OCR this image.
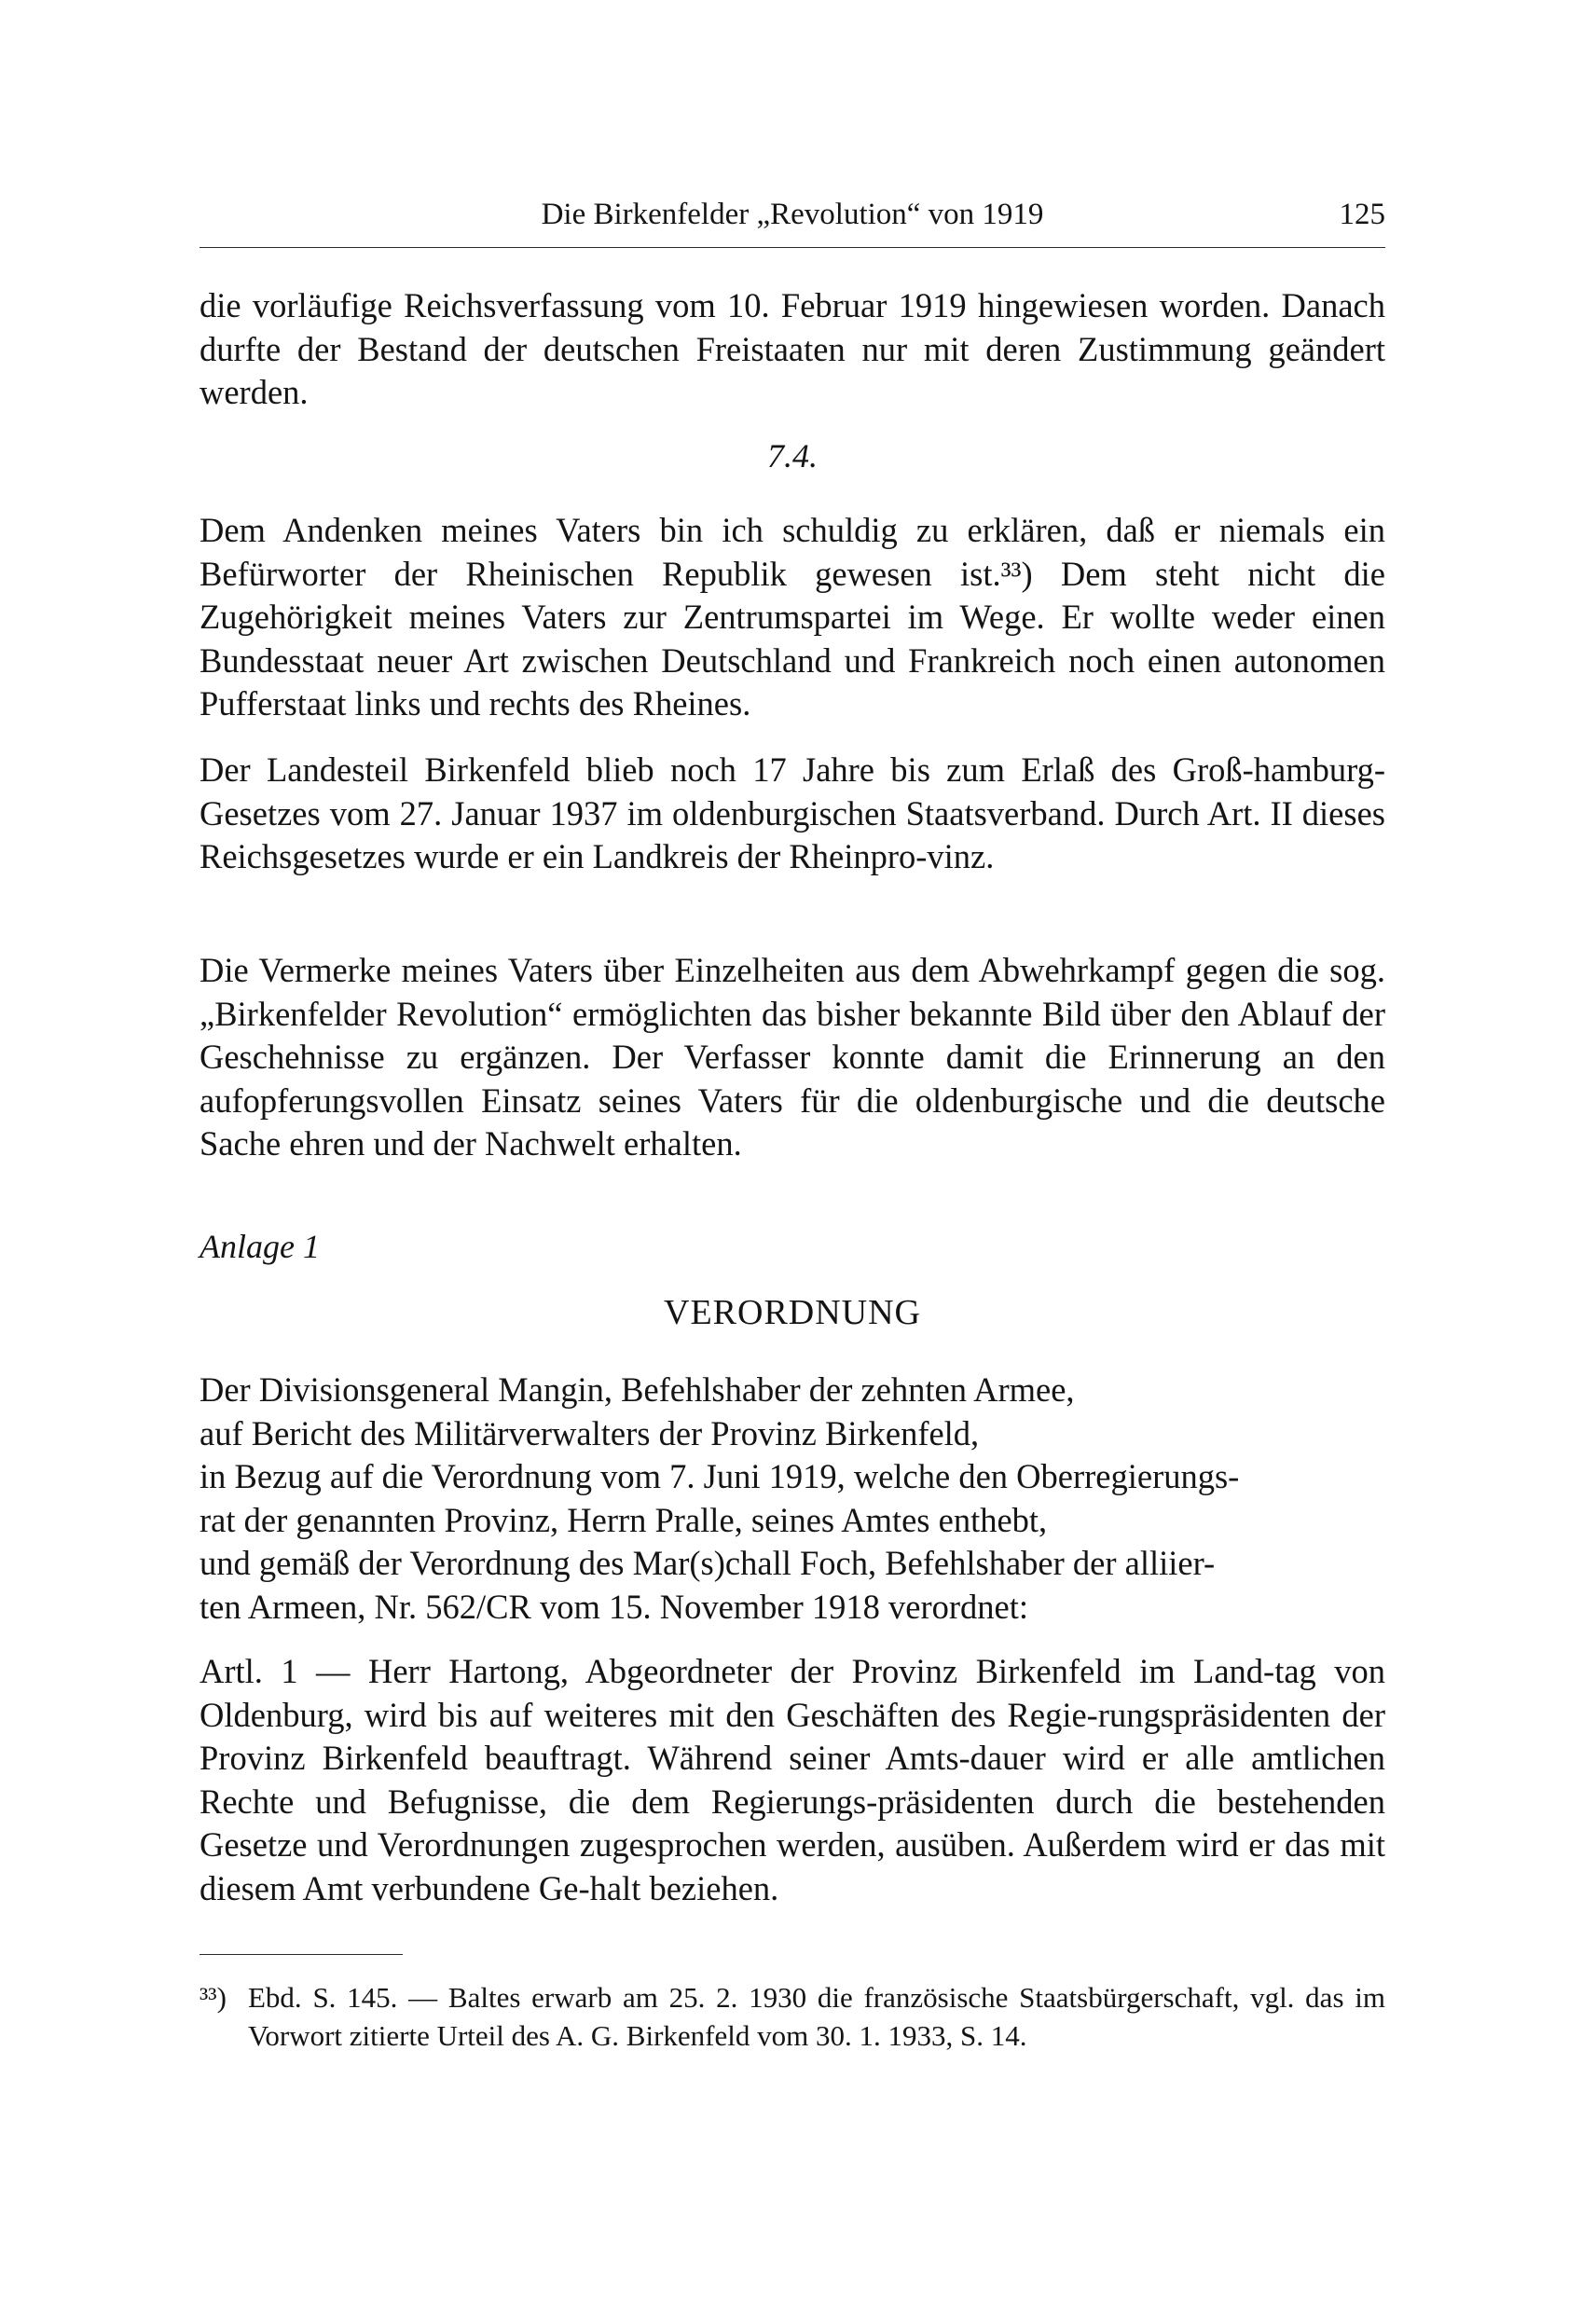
Die Birkenfelder „Revolution“ von 1919	125
die vorläufige Reichsverfassung vom 10. Februar 1919 hingewiesen worden. Danach durfte der Bestand der deutschen Freistaaten nur mit deren Zustimmung geändert werden.
7.4.
Dem Andenken meines Vaters bin ich schuldig zu erklären, daß er niemals ein Befürworter der Rheinischen Republik gewesen ist.³³) Dem steht nicht die Zugehörigkeit meines Vaters zur Zentrumspartei im Wege. Er wollte weder einen Bundesstaat neuer Art zwischen Deutschland und Frankreich noch einen autonomen Pufferstaat links und rechts des Rheines.
Der Landesteil Birkenfeld blieb noch 17 Jahre bis zum Erlaß des Groß-hamburg-Gesetzes vom 27. Januar 1937 im oldenburgischen Staatsverband. Durch Art. II dieses Reichsgesetzes wurde er ein Landkreis der Rheinpro-vinz.
Die Vermerke meines Vaters über Einzelheiten aus dem Abwehrkampf gegen die sog. „Birkenfelder Revolution“ ermöglichten das bisher bekannte Bild über den Ablauf der Geschehnisse zu ergänzen. Der Verfasser konnte damit die Erinnerung an den aufopferungsvollen Einsatz seines Vaters für die oldenburgische und die deutsche Sache ehren und der Nachwelt erhalten.
Anlage 1
VERORDNUNG
Der Divisionsgeneral Mangin, Befehlshaber der zehnten Armee,
auf Bericht des Militärverwalters der Provinz Birkenfeld,
in Bezug auf die Verordnung vom 7. Juni 1919, welche den Oberregierungs-
rat der genannten Provinz, Herrn Pralle, seines Amtes enthebt,
und gemäß der Verordnung des Mar(s)chall Foch, Befehlshaber der alliier-
ten Armeen, Nr. 562/CR vom 15. November 1918 verordnet:
Artl. 1 — Herr Hartong, Abgeordneter der Provinz Birkenfeld im Land-tag von Oldenburg, wird bis auf weiteres mit den Geschäften des Regie-rungspräsidenten der Provinz Birkenfeld beauftragt. Während seiner Amts-dauer wird er alle amtlichen Rechte und Befugnisse, die dem Regierungs-präsidenten durch die bestehenden Gesetze und Verordnungen zugesprochen werden, ausüben. Außerdem wird er das mit diesem Amt verbundene Ge-halt beziehen.
³³) Ebd. S. 145. — Baltes erwarb am 25. 2. 1930 die französische Staatsbürgerschaft, vgl. das im Vorwort zitierte Urteil des A. G. Birkenfeld vom 30. 1. 1933, S. 14.
